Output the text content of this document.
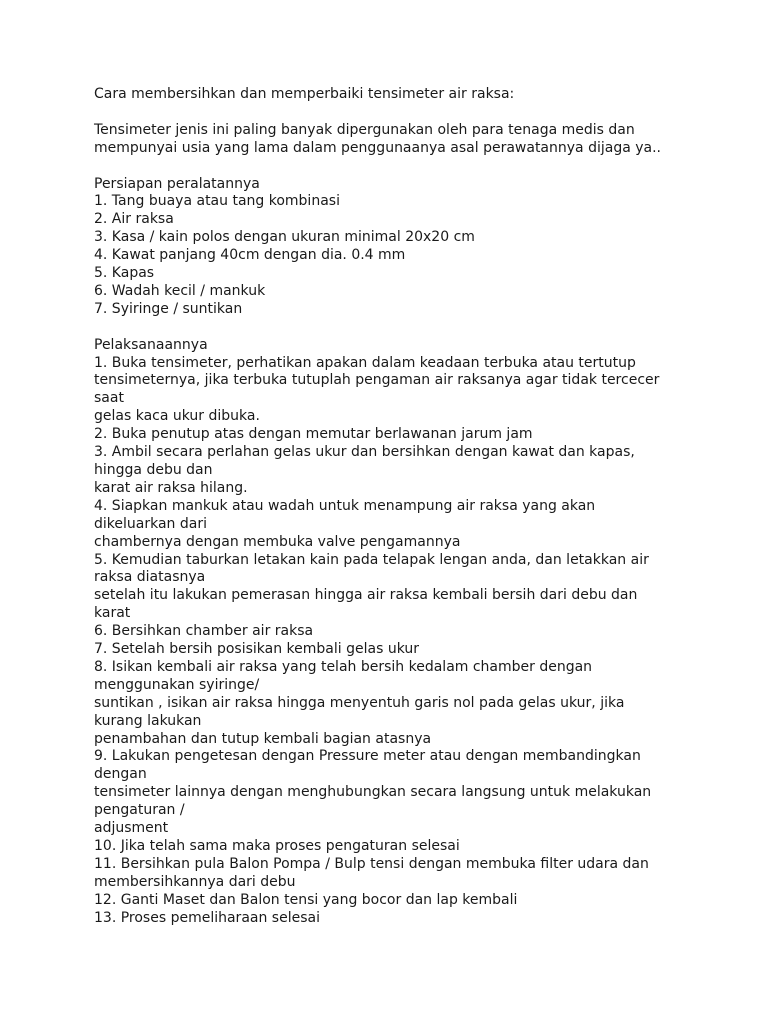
Cara membersihkan dan memperbaiki tensimeter air raksa:
Tensimeter jenis ini paling banyak dipergunakan oleh para tenaga medis dan
mempunyai usia yang lama dalam penggunaanya asal perawatannya dijaga ya..
Persiapan peralatannya
1. Tang buaya atau tang kombinasi
2. Air raksa
3. Kasa / kain polos dengan ukuran minimal 20x20 cm
4. Kawat panjang 40cm dengan dia. 0.4 mm
5. Kapas
6. Wadah kecil / mankuk
7. Syiringe / suntikan
Pelaksanaannya
1. Buka tensimeter, perhatikan apakan dalam keadaan terbuka atau tertutup
tensimeternya, jika terbuka tutuplah pengaman air raksanya agar tidak tercecer
saat
gelas kaca ukur dibuka.
2. Buka penutup atas dengan memutar berlawanan jarum jam
3. Ambil secara perlahan gelas ukur dan bersihkan dengan kawat dan kapas,
hingga debu dan
karat air raksa hilang.
4. Siapkan mankuk atau wadah untuk menampung air raksa yang akan
dikeluarkan dari
chambernya dengan membuka valve pengamannya
5. Kemudian taburkan letakan kain pada telapak lengan anda, dan letakkan air
raksa diatasnya
setelah itu lakukan pemerasan hingga air raksa kembali bersih dari debu dan
karat
6. Bersihkan chamber air raksa
7. Setelah bersih posisikan kembali gelas ukur
8. Isikan kembali air raksa yang telah bersih kedalam chamber dengan
menggunakan syiringe/
suntikan , isikan air raksa hingga menyentuh garis nol pada gelas ukur, jika
kurang lakukan
penambahan dan tutup kembali bagian atasnya
9. Lakukan pengetesan dengan Pressure meter atau dengan membandingkan
dengan
tensimeter lainnya dengan menghubungkan secara langsung untuk melakukan
pengaturan /
adjusment
10. Jika telah sama maka proses pengaturan selesai
11. Bersihkan pula Balon Pompa / Bulp tensi dengan membuka filter udara dan
membersihkannya dari debu
12. Ganti Maset dan Balon tensi yang bocor dan lap kembali
13. Proses pemeliharaan selesai
